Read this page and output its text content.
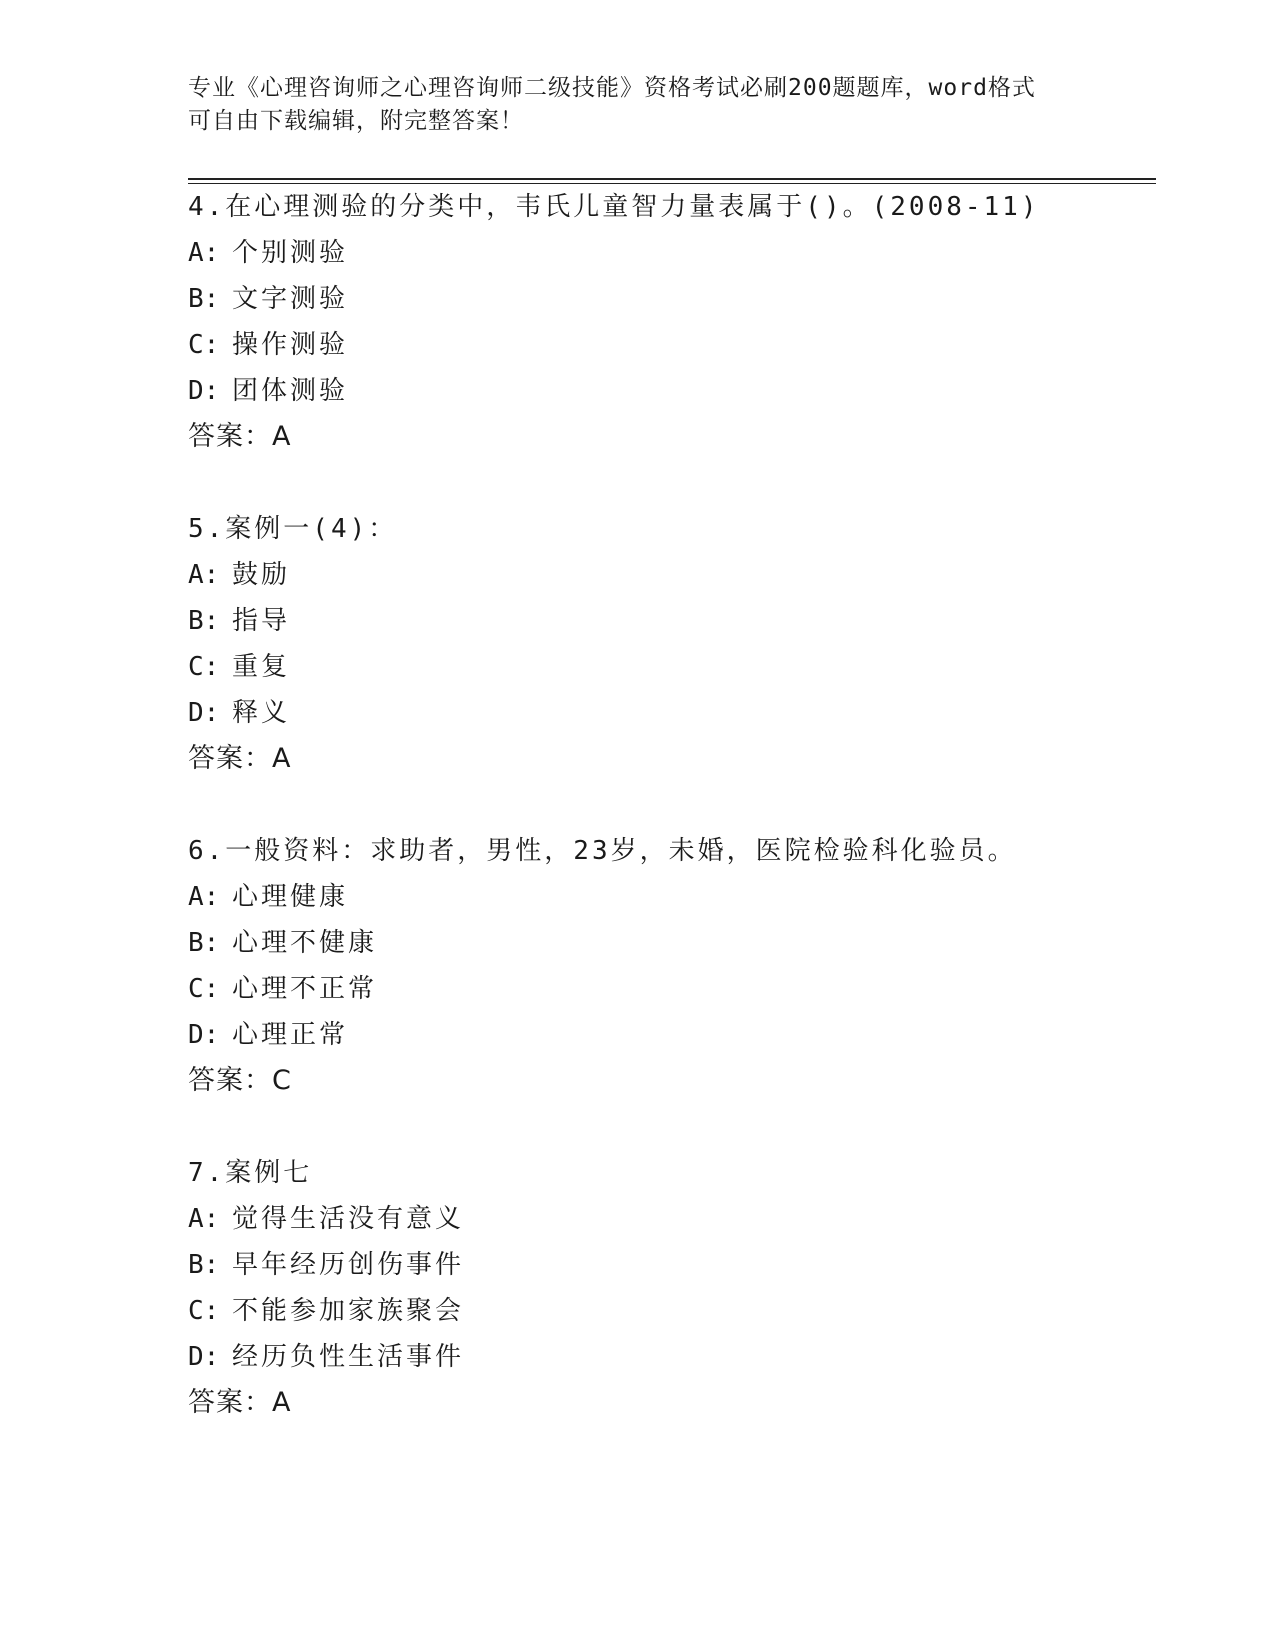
专业《心理咨询师之心理咨询师二级技能》资格考试必刷200题题库，word格式
可自由下载编辑，附完整答案！
4.在心理测验的分类中，韦氏儿童智力量表属于()。(2008-11)
A: 个别测验
B: 文字测验
C: 操作测验
D: 团体测验
答案：A
5.案例一(4)：
A: 鼓励
B: 指导
C: 重复
D: 释义
答案：A
6.一般资料：求助者，男性，23岁，未婚，医院检验科化验员。
A: 心理健康
B: 心理不健康
C: 心理不正常
D: 心理正常
答案：C
7.案例七
A: 觉得生活没有意义
B: 早年经历创伤事件
C: 不能参加家族聚会
D: 经历负性生活事件
答案：A
